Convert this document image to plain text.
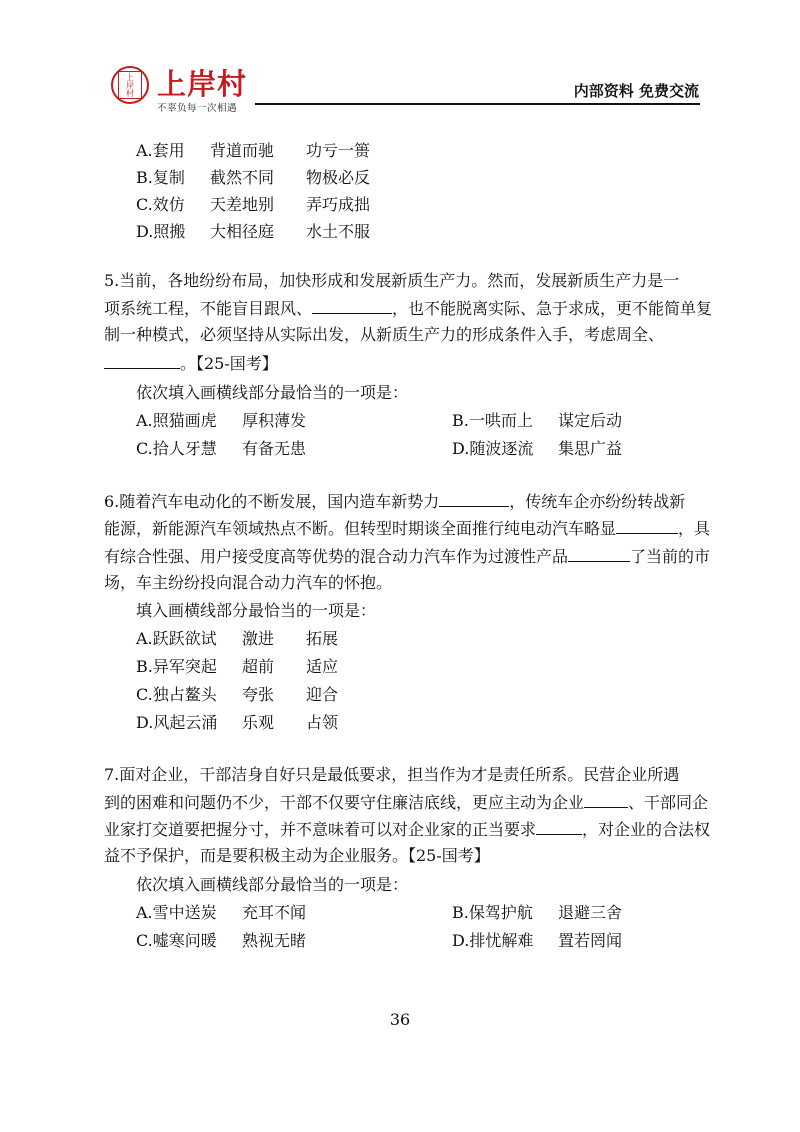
上岸村 上岸村
不辜负每一次相遇
内部资料 免费交流
A.套用 背道而驰 功亏一篑
B.复制 截然不同 物极必反
C.效仿 天差地别 弄巧成拙
D.照搬 大相径庭 水土不服
5.当前，各地纷纷布局，加快形成和发展新质生产力。然而，发展新质生产力是一
项系统工程，不能盲目跟风、	，也不能脱离实际、急于求成，更不能简单复
制一种模式，必须坚持从实际出发，从新质生产力的形成条件入手，考虑周全、
。【25-国考】
依次填入画横线部分最恰当的一项是：
A.照猫画虎 厚积薄发	B.一哄而上 谋定后动
C.拾人牙慧 有备无患	D.随波逐流 集思广益
6.随着汽车电动化的不断发展，国内造车新势力	，传统车企亦纷纷转战新
能源，新能源汽车领域热点不断。但转型时期谈全面推行纯电动汽车略显	，具
有综合性强、用户接受度高等优势的混合动力汽车作为过渡性产品	了当前的市
场，车主纷纷投向混合动力汽车的怀抱。
填入画横线部分最恰当的一项是：
A.跃跃欲试 激进 拓展
B.异军突起 超前 适应
C.独占鳌头 夸张 迎合
D.风起云涌 乐观 占领
7.面对企业，干部洁身自好只是最低要求，担当作为才是责任所系。民营企业所遇
到的困难和问题仍不少，干部不仅要守住廉洁底线，更应主动为企业	、干部同企
业家打交道要把握分寸，并不意味着可以对企业家的正当要求	，对企业的合法权
益不予保护，而是要积极主动为企业服务。【25-国考】
依次填入画横线部分最恰当的一项是：
A.雪中送炭 充耳不闻	B.保驾护航 退避三舍
C.嘘寒问暖 熟视无睹	D.排忧解难 置若罔闻
36
